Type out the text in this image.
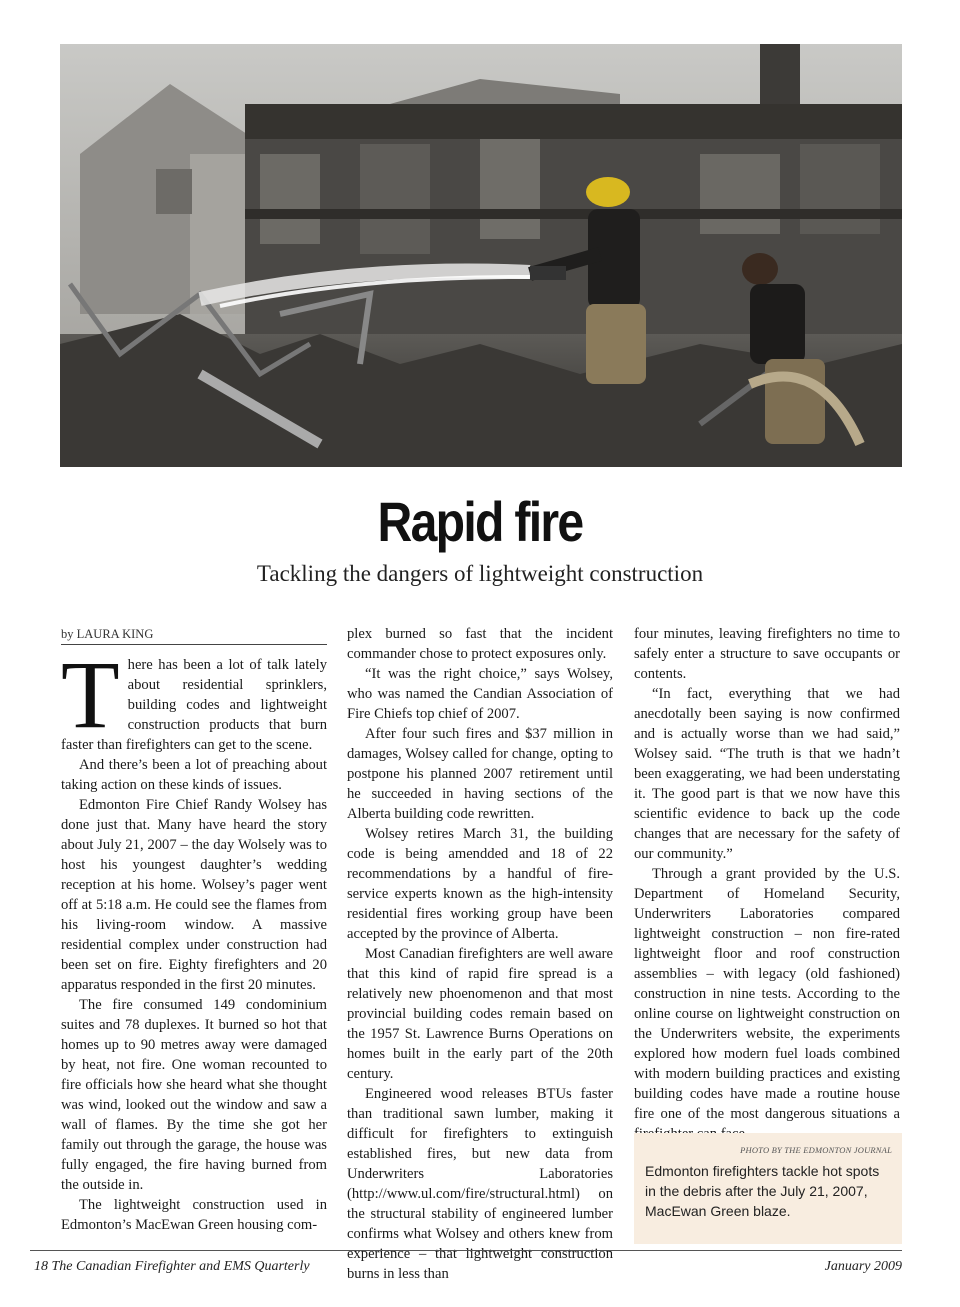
Rapid fire
Tackling the dangers of lightweight construction
by LAURA KING
T here has been a lot of talk lately about residential sprinklers, building codes and lightweight construction products that burn faster than firefighters can get to the scene.

And there’s been a lot of preaching about taking action on these kinds of issues.

Edmonton Fire Chief Randy Wolsey has done just that. Many have heard the story about July 21, 2007 – the day Wolsely was to host his youngest daughter’s wedding reception at his home. Wolsey’s pager went off at 5:18 a.m. He could see the flames from his living-room window. A massive residential complex under construction had been set on fire. Eighty firefighters and 20 apparatus responded in the first 20 minutes.

The fire consumed 149 condominium suites and 78 duplexes. It burned so hot that homes up to 90 metres away were damaged by heat, not fire. One woman recounted to fire officials how she heard what she thought was wind, looked out the window and saw a wall of flames. By the time she got her family out through the garage, the house was fully engaged, the fire having burned from the outside in.

The lightweight construction used in Edmonton’s MacEwan Green housing com-

plex burned so fast that the incident commander chose to protect exposures only.

“It was the right choice,” says Wolsey, who was named the Candian Association of Fire Chiefs top chief of 2007.

After four such fires and $37 million in damages, Wolsey called for change, opting to postpone his planned 2007 retirement until he succeeded in having sections of the Alberta building code rewritten.

Wolsey retires March 31, the building code is being amendded and 18 of 22 recommendations by a handful of fire-service experts known as the high-intensity residential fires working group have been accepted by the province of Alberta.

Most Canadian firefighters are well aware that this kind of rapid fire spread is a relatively new phoenomenon and that most provincial building codes remain based on the 1957 St. Lawrence Burns Operations on homes built in the early part of the 20th century.

Engineered wood releases BTUs faster than traditional sawn lumber, making it difficult for firefighters to extinguish established fires, but new data from Underwriters Laboratories (http://www.ul.com/fire/structural.html) on the structural stability of engineered lumber confirms what Wolsey and others knew from experience – that lightweight construction burns in less than

four minutes, leaving firefighters no time to safely enter a structure to save occupants or contents.

“In fact, everything that we had anecdotally been saying is now confirmed and is actually worse than we had said,” Wolsey said. “The truth is that we hadn’t been exaggerating, we had been understating it. The good part is that we now have this scientific evidence to back up the code changes that are necessary for the safety of our community.”

Through a grant provided by the U.S. Department of Homeland Security, Underwriters Laboratories compared lightweight construction – non fire-rated lightweight floor and roof construction assemblies – with legacy (old fashioned) construction in nine tests. According to the online course on lightweight construction on the Underwriters website, the experiments explored how modern fuel loads combined with modern building practices and existing building codes have made a routine house fire one of the most dangerous situations a

PHOTO BY THE EDMONTON JOURNAL
Edmonton firefighters tackle hot spots in the debris after the July 21, 2007, MacEwan Green blaze.
18 The Canadian Firefighter and EMS Quarterly	January 2009
